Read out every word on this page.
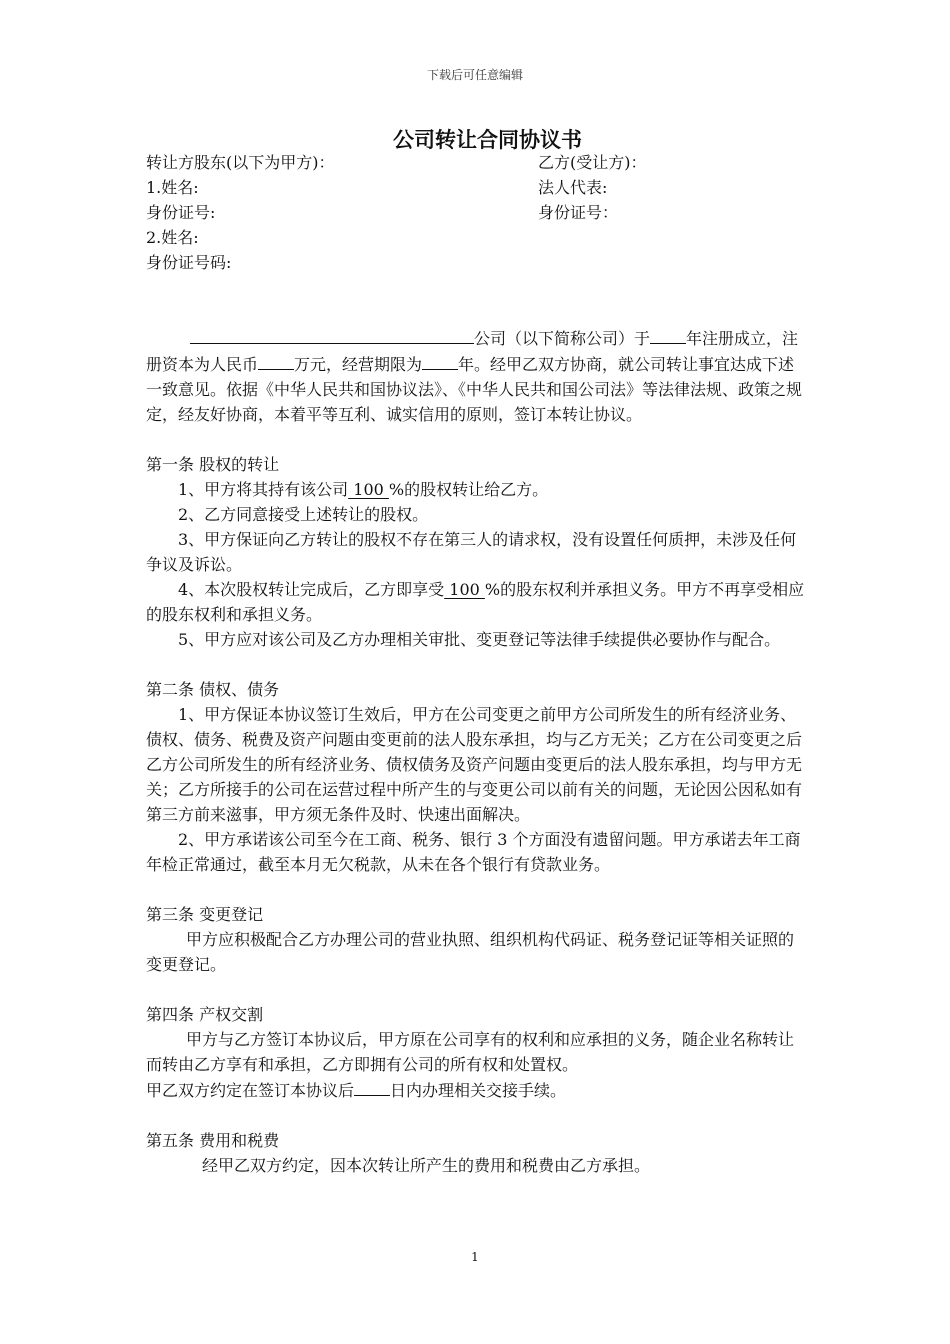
下载后可任意编辑
公司转让合同协议书
转让方股东(以下为甲方)：	乙方(受让方)：
1.姓名:	法人代表:
身份证号:	身份证号：
2.姓名:
身份证号码:

公司（以下简称公司）于 年注册成立，注册资本为人民币 万元，经营期限为 年。经甲乙双方协商，就公司转让事宜达成下述一致意见。依据《中华人民共和国协议法》、《中华人民共和国公司法》等法律法规、政策之规定，经友好协商，本着平等互利、诚实信用的原则，签订本转让协议。

第一条 股权的转让

1、甲方将其持有该公司 100 %的股权转让给乙方。

2、乙方同意接受上述转让的股权。

3、甲方保证向乙方转让的股权不存在第三人的请求权，没有设置任何质押，未涉及任何争议及诉讼。

4、本次股权转让完成后，乙方即享受 100 %的股东权利并承担义务。甲方不再享受相应的股东权利和承担义务。

5、甲方应对该公司及乙方办理相关审批、变更登记等法律手续提供必要协作与配合。

第二条 债权、债务

1、甲方保证本协议签订生效后，甲方在公司变更之前甲方公司所发生的所有经济业务、债权、债务、税费及资产问题由变更前的法人股东承担，均与乙方无关；乙方在公司变更之后乙方公司所发生的所有经济业务、债权债务及资产问题由变更后的法人股东承担，均与甲方无关；乙方所接手的公司在运营过程中所产生的与变更公司以前有关的问题，无论因公因私如有第三方前来滋事，甲方须无条件及时、快速出面解决。

2、甲方承诺该公司至今在工商、税务、银行 3 个方面没有遗留问题。甲方承诺去年工商年检正常通过，截至本月无欠税款，从未在各个银行有贷款业务。

第三条 变更登记

甲方应积极配合乙方办理公司的营业执照、组织机构代码证、税务登记证等相关证照的变更登记。

第四条 产权交割

甲方与乙方签订本协议后，甲方原在公司享有的权利和应承担的义务，随企业名称转让而转由乙方享有和承担，乙方即拥有公司的所有权和处置权。

甲乙双方约定在签订本协议后 日内办理相关交接手续。

第五条 费用和税费

经甲乙双方约定，因本次转让所产生的费用和税费由乙方承担。

1
